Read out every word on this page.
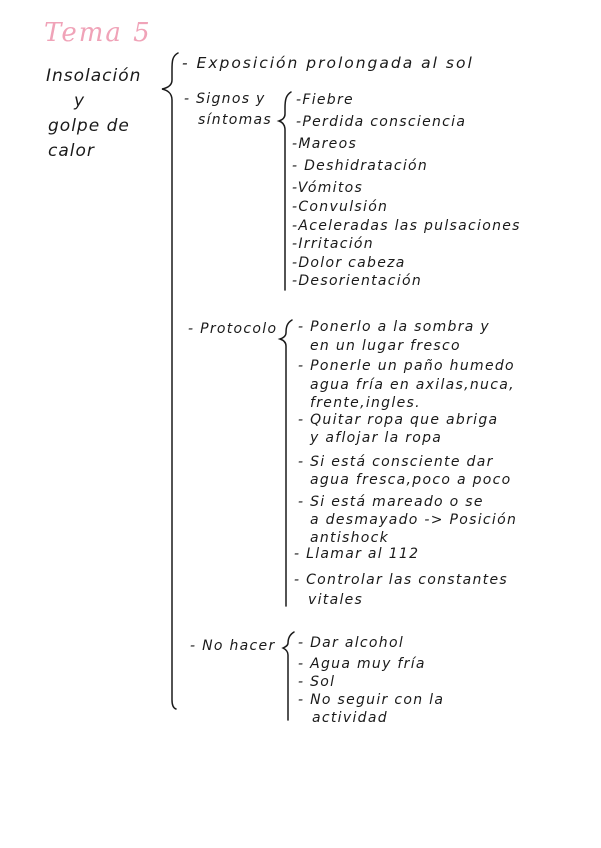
Tema 5
Insolación
y
golpe de
calor
- Exposición prolongada al sol
- Signos y
síntomas
-Fiebre
-Perdida consciencia
-Mareos
- Deshidratación
-Vómitos
-Convulsión
-Aceleradas las pulsaciones
-Irritación
-Dolor cabeza
-Desorientación
- Protocolo - Ponerlo a la sombra y
en un lugar fresco
- Ponerle un paño humedo
agua fría en axilas,nuca,
frente,ingles.
- Quitar ropa que abriga
y aflojar la ropa
- Si está consciente dar
agua fresca,poco a poco
- Si está mareado o se
a desmayado -> Posición
antishock
- Llamar al 112
- Controlar las constantes
vitales
- No hacer - Dar alcohol
- Agua muy fría
- Sol
- No seguir con la
actividad
